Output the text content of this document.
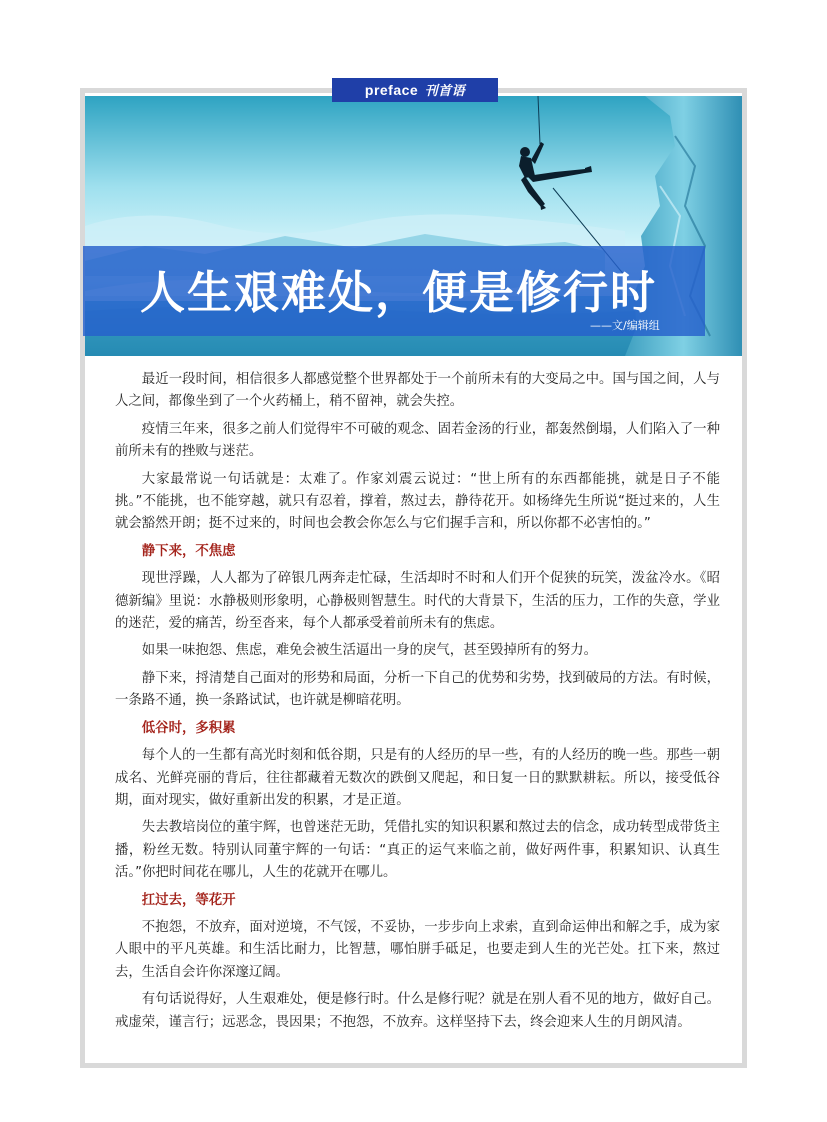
preface 刊首语
人生艰难处，便是修行时
——文/编辑组

最近一段时间，相信很多人都感觉整个世界都处于一个前所未有的大变局之中。国与国之间，人与人之间，都像坐到了一个火药桶上，稍不留神，就会失控。

疫情三年来，很多之前人们觉得牢不可破的观念、固若金汤的行业，都轰然倒塌，人们陷入了一种前所未有的挫败与迷茫。

大家最常说一句话就是：太难了。作家刘震云说过：“世上所有的东西都能挑，就是日子不能挑。”不能挑，也不能穿越，就只有忍着，撑着，熬过去，静待花开。如杨绛先生所说“挺过来的，人生就会豁然开朗；挺不过来的，时间也会教会你怎么与它们握手言和，所以你都不必害怕的。”

静下来，不焦虑

现世浮躁，人人都为了碎银几两奔走忙碌，生活却时不时和人们开个促狭的玩笑，泼盆冷水。《昭德新编》里说：水静极则形象明，心静极则智慧生。时代的大背景下，生活的压力，工作的失意，学业的迷茫，爱的痛苦，纷至沓来，每个人都承受着前所未有的焦虑。

如果一味抱怨、焦虑，难免会被生活逼出一身的戾气，甚至毁掉所有的努力。

静下来，捋清楚自己面对的形势和局面，分析一下自己的优势和劣势，找到破局的方法。有时候，一条路不通，换一条路试试，也许就是柳暗花明。

低谷时，多积累

每个人的一生都有高光时刻和低谷期，只是有的人经历的早一些，有的人经历的晚一些。那些一朝成名、光鲜亮丽的背后，往往都藏着无数次的跌倒又爬起，和日复一日的默默耕耘。所以，接受低谷期，面对现实，做好重新出发的积累，才是正道。

失去教培岗位的董宇辉，也曾迷茫无助，凭借扎实的知识积累和熬过去的信念，成功转型成带货主播，粉丝无数。特别认同董宇辉的一句话：“真正的运气来临之前，做好两件事，积累知识、认真生活。”你把时间花在哪儿，人生的花就开在哪儿。

扛过去，等花开

不抱怨，不放弃，面对逆境，不气馁，不妥协，一步步向上求索，直到命运伸出和解之手，成为家人眼中的平凡英雄。和生活比耐力，比智慧，哪怕胼手砥足，也要走到人生的光芒处。扛下来，熬过去，生活自会许你深邃辽阔。

有句话说得好，人生艰难处，便是修行时。什么是修行呢？就是在别人看不见的地方，做好自己。戒虚荣，谨言行；远恶念，畏因果；不抱怨，不放弃。这样坚持下去，终会迎来人生的月朗风清。
